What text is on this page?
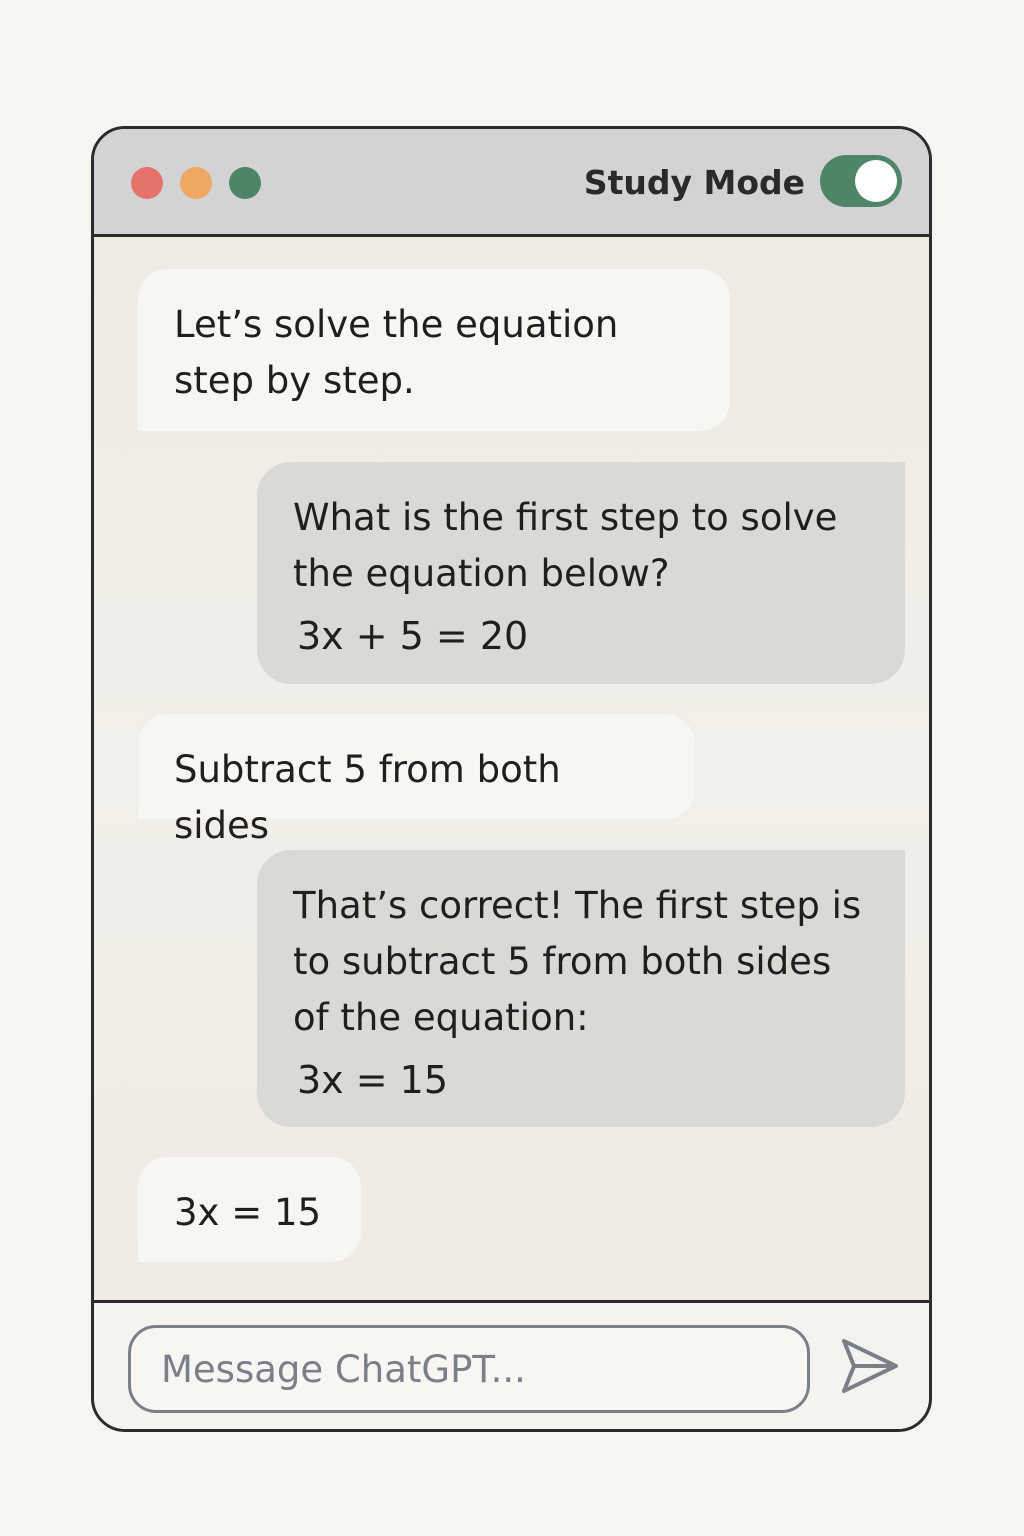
Study Mode
Let’s solve the equation step by step.
What is the first step to solve the equation below?
3x + 5 = 20
Subtract 5 from both sides
That’s correct! The first step is to subtract 5 from both sides of the equation:
3x = 15
3x = 15
Message ChatGPT...
